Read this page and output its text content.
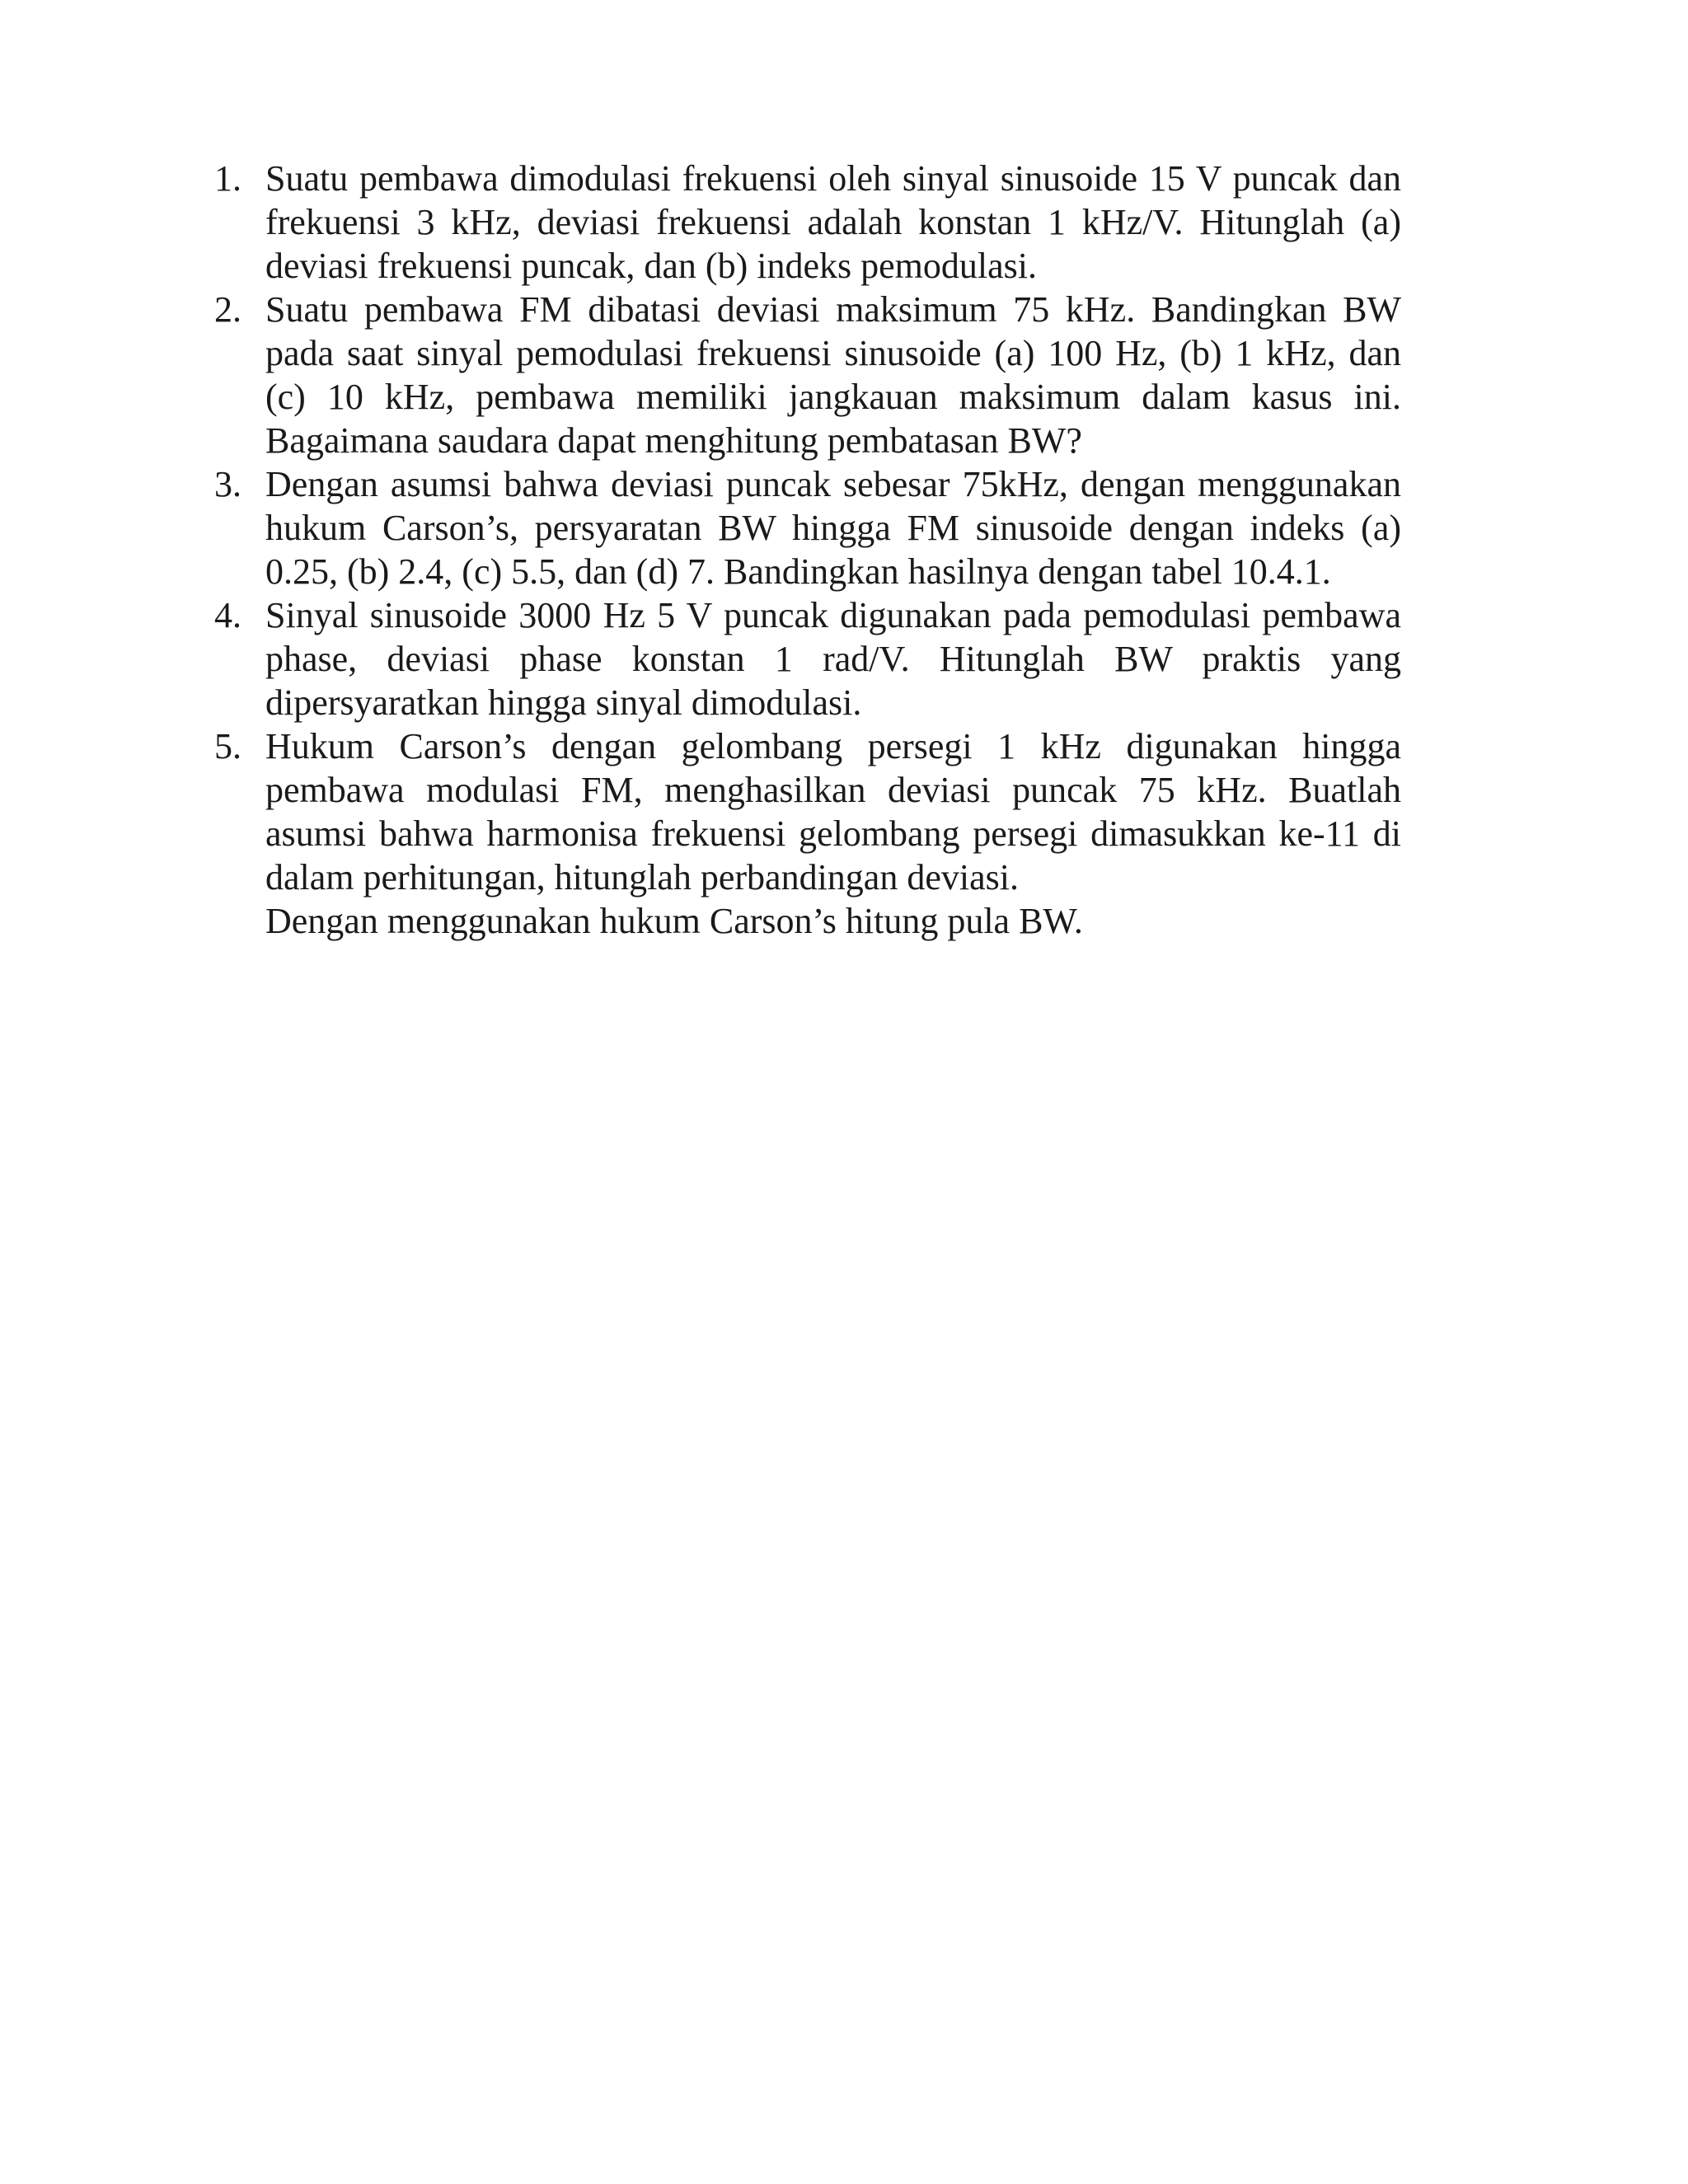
1. Suatu pembawa dimodulasi frekuensi oleh sinyal sinusoide 15 V puncak dan frekuensi 3 kHz, deviasi frekuensi adalah konstan 1 kHz/V. Hitunglah (a) deviasi frekuensi puncak, dan (b) indeks pemodulasi.
2. Suatu pembawa FM dibatasi deviasi maksimum 75 kHz. Bandingkan BW pada saat sinyal pemodulasi frekuensi sinusoide (a) 100 Hz, (b) 1 kHz, dan (c) 10 kHz, pembawa memiliki jangkauan maksimum dalam kasus ini. Bagaimana saudara dapat menghitung pembatasan BW?
3. Dengan asumsi bahwa deviasi puncak sebesar 75kHz, dengan menggunakan hukum Carson’s, persyaratan BW hingga FM sinusoide dengan indeks (a) 0.25, (b) 2.4, (c) 5.5, dan (d) 7. Bandingkan hasilnya dengan tabel 10.4.1.
4. Sinyal sinusoide 3000 Hz 5 V puncak digunakan pada pemodulasi pembawa phase, deviasi phase konstan 1 rad/V. Hitunglah BW praktis yang dipersyaratkan hingga sinyal dimodulasi.
5. Hukum Carson’s dengan gelombang persegi 1 kHz digunakan hingga pembawa modulasi FM, menghasilkan deviasi puncak 75 kHz. Buatlah asumsi bahwa harmonisa frekuensi gelombang persegi dimasukkan ke-11 di dalam perhitungan, hitunglah perbandingan deviasi.
Dengan menggunakan hukum Carson’s hitung pula BW.
